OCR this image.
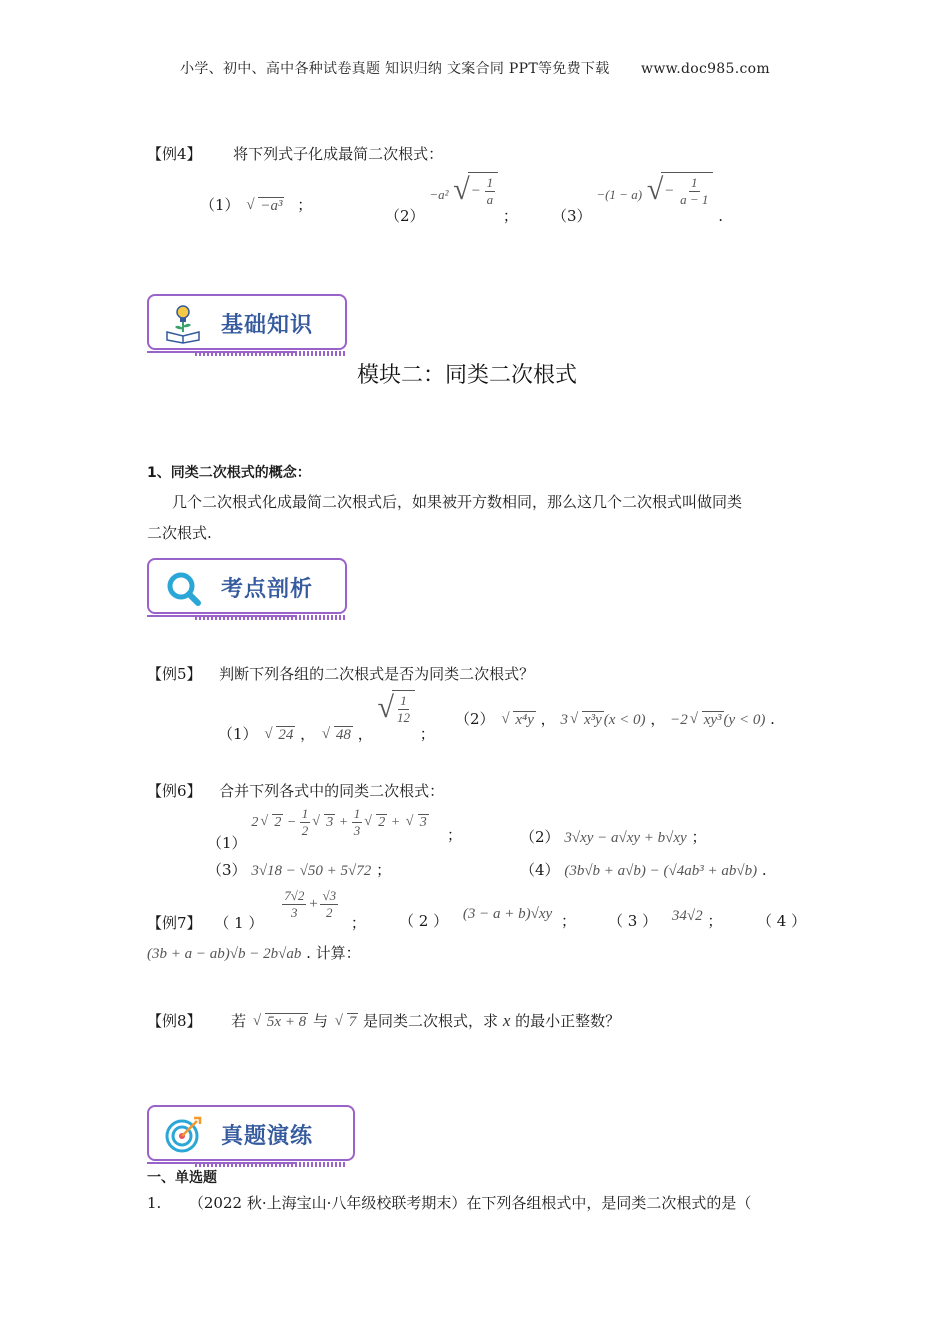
小学、初中、高中各种试卷真题 知识归纳 文案合同 PPT等免费下载 www.doc985.com
【例4】 将下列式子化成最简二次根式：
（1） √ −a³ ；
（2） −a² √ − $\frac{1}{a}$
； （3） −(1 − a) √ − $\frac{1}{a - 1}$
.
基础知识
模块二：同类二次根式
1、同类二次根式的概念：
几个二次根式化成最简二次根式后，如果被开方数相同，那么这几个二次根式叫做同类
二次根式.
考点剖析
【例5】 判断下列各组的二次根式是否为同类二次根式？
（1） √ 24 ， √ 48 ，
√ $\frac{1}{12}$
；
（2） √ x⁴y ， 3 √ x³y (x < 0) ， −2 √ xy³ (y < 0) .
【例6】 合并下列各式中的同类二次根式：
（1） 2 √ $2 - \frac{1}{2}$ √ $3 + \frac{1}{3}$ √ 2 + √ 3  ；	（2） 3√xy − a√xy + b√xy ；
（3） 3√18 − √50 + 5√72 ；	（4） (3b√b + a√b) − (√4ab³ + ab√b) .
【例7】 （ 1 ）
$\frac{7√2}{3} + \frac{√3}{2}$
； （ 2 ） (3 − a + b)√xy ； （ 3 ） 34√2 ； （ 4 ）
(3b + a − ab)√b − 2b√ab . 计算：
【例8】 若 √ 5x + 8 与 √ 7 是同类二次根式，求 x 的最小正整数？
真题演练
一、单选题
1. （2022 秋·上海宝山·八年级校联考期末）在下列各组根式中，是同类二次根式的是（
